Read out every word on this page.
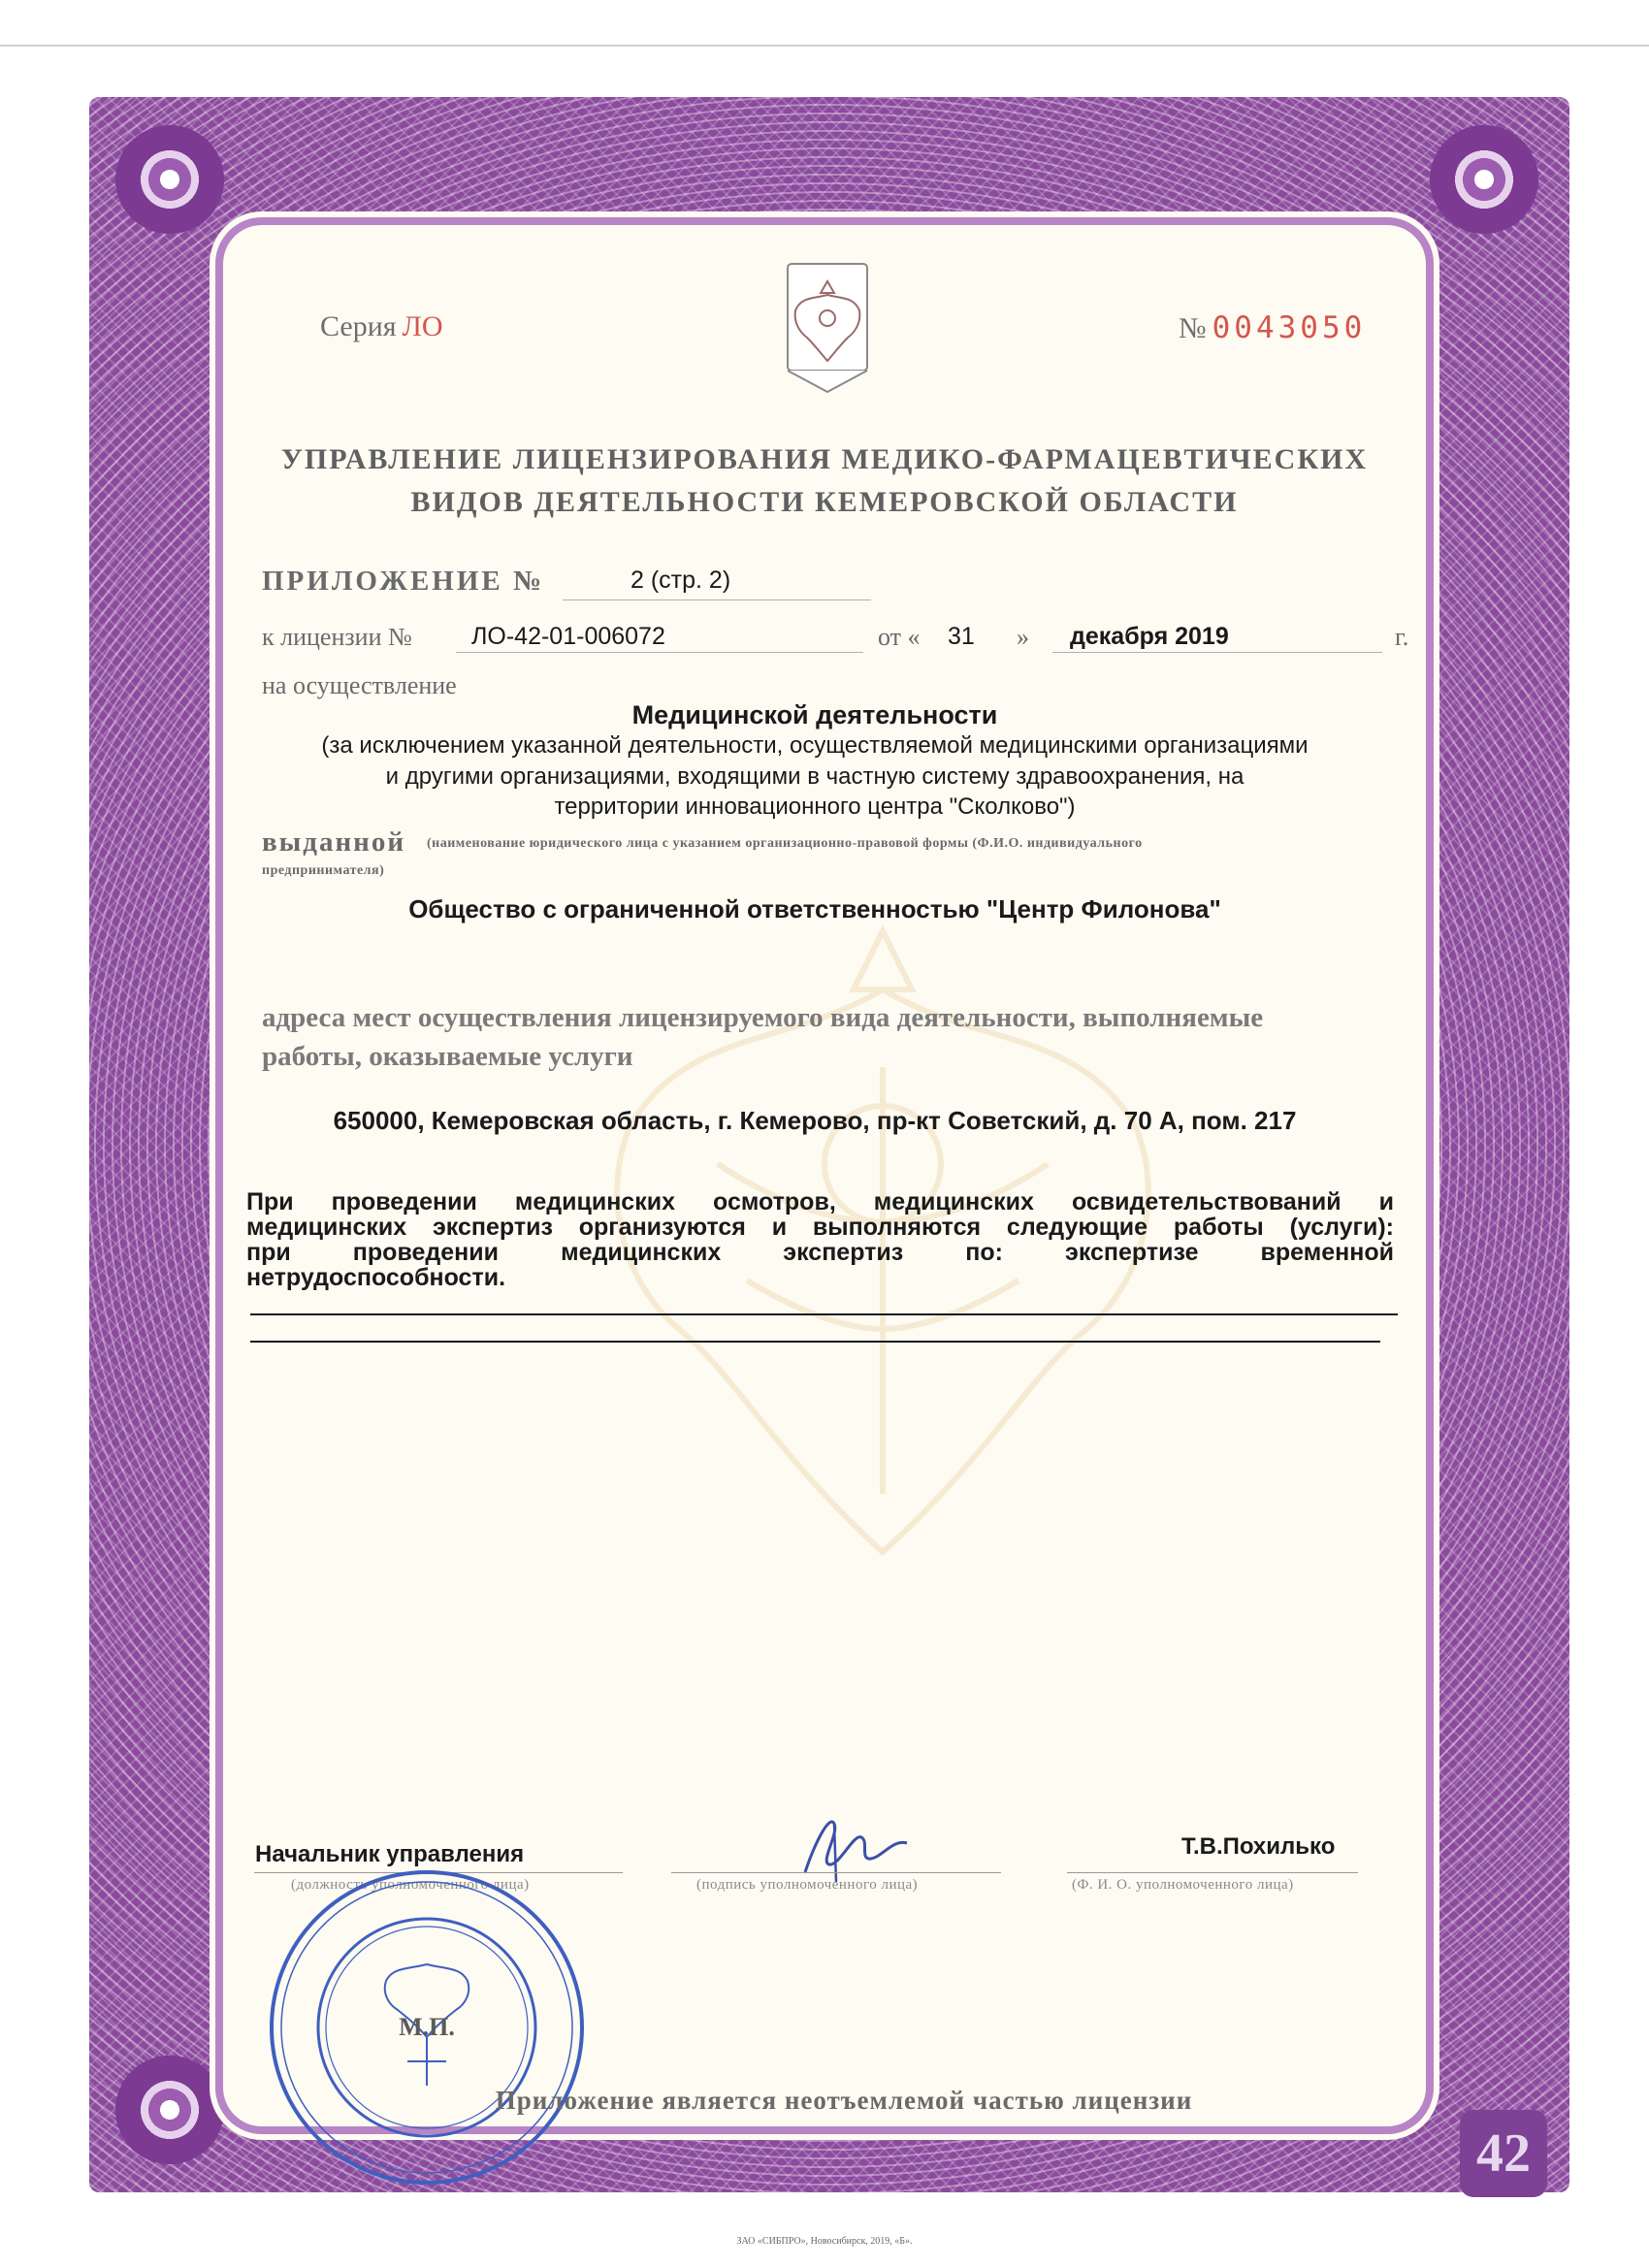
Серия ЛО	№ 0043050
УПРАВЛЕНИЕ ЛИЦЕНЗИРОВАНИЯ МЕДИКО-ФАРМАЦЕВТИЧЕСКИХ
ВИДОВ ДЕЯТЕЛЬНОСТИ КЕМЕРОВСКОЙ ОБЛАСТИ
ПРИЛОЖЕНИЕ №	2 (стр. 2)
к лицензии № ЛО-42-01-006072	от « 31 » декабря 2019	г.
на осуществление
Медицинской деятельности
(за исключением указанной деятельности, осуществляемой медицинскими организациями
и другими организациями, входящими в частную систему здравоохранения, на
территории инновационного центра "Сколково")
выданной (наименование юридического лица с указанием организационно-правовой формы (Ф.И.О. индивидуального
предпринимателя)
Общество с ограниченной ответственностью "Центр Филонова"
адреса мест осуществления лицензируемого вида деятельности, выполняемые
работы, оказываемые услуги
650000, Кемеровская область, г. Кемерово, пр-кт Советский, д. 70 А, пом. 217
При проведении медицинских осмотров, медицинских освидетельствований и
медицинских экспертиз организуются и выполняются следующие работы (услуги):
при проведении медицинских экспертиз по: экспертизе временной
нетрудоспособности.
Начальник управления
(должность уполномоченного лица)	(подпись уполномоченного лица)
Т.В.Похилько
(Ф. И. О. уполномоченного лица)
М.П.
Приложение является неотъемлемой частью лицензии
42
ЗАО «СИБПРО», Новосибирск, 2019, «Б».
